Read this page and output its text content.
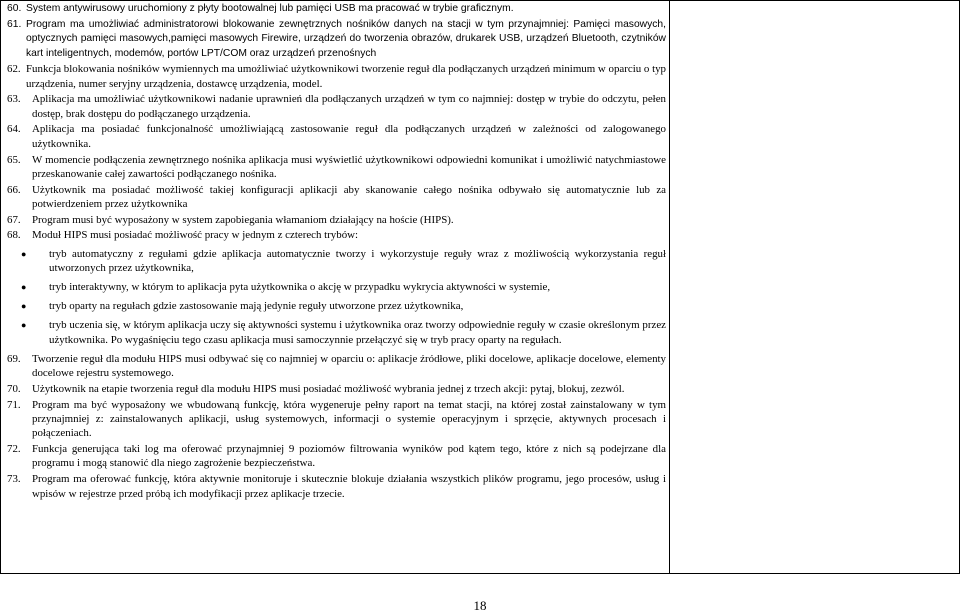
60. System antywirusowy uruchomiony z płyty bootowalnej lub pamięci USB ma pracować w trybie graficznym.
61. Program ma umożliwiać administratorowi blokowanie zewnętrznych nośników danych na stacji w tym przynajmniej: Pamięci masowych, optycznych pamięci masowych,pamięci masowych Firewire, urządzeń do tworzenia obrazów, drukarek USB, urządzeń Bluetooth, czytników kart inteligentnych, modemów, portów LPT/COM oraz urządzeń przenośnych
62. Funkcja blokowania nośników wymiennych ma umożliwiać użytkownikowi tworzenie reguł dla podłączanych urządzeń minimum w oparciu o typ urządzenia, numer seryjny urządzenia, dostawcę urządzenia, model.
63. Aplikacja ma umożliwiać użytkownikowi nadanie uprawnień dla podłączanych urządzeń w tym co najmniej: dostęp w trybie do odczytu, pełen dostęp, brak dostępu do podłączanego urządzenia.
64. Aplikacja ma posiadać funkcjonalność umożliwiającą zastosowanie reguł dla podłączanych urządzeń w zależności od zalogowanego użytkownika.
65. W momencie podłączenia zewnętrznego nośnika aplikacja musi wyświetlić użytkownikowi odpowiedni komunikat i umożliwić natychmiastowe przeskanowanie całej zawartości podłączanego nośnika.
66. Użytkownik ma posiadać możliwość takiej konfiguracji aplikacji aby skanowanie całego nośnika odbywało się automatycznie lub za potwierdzeniem przez użytkownika
67. Program musi być wyposażony w system zapobiegania włamaniom działający na hoście (HIPS).
68. Moduł HIPS musi posiadać możliwość pracy w jednym z czterech trybów:
● tryb automatyczny z regułami gdzie aplikacja automatycznie tworzy i wykorzystuje reguły wraz z możliwością wykorzystania reguł utworzonych przez użytkownika,
● tryb interaktywny, w którym to aplikacja pyta użytkownika o akcję w przypadku wykrycia aktywności w systemie,
● tryb oparty na regułach gdzie zastosowanie mają jedynie reguły utworzone przez użytkownika,
● tryb uczenia się, w którym aplikacja uczy się aktywności systemu i użytkownika oraz tworzy odpowiednie reguły w czasie określonym przez użytkownika. Po wygaśnięciu tego czasu aplikacja musi samoczynnie przełączyć się w tryb pracy oparty na regułach.
69. Tworzenie reguł dla modułu HIPS musi odbywać się co najmniej w oparciu o: aplikacje źródłowe, pliki docelowe, aplikacje docelowe, elementy docelowe rejestru systemowego.
70. Użytkownik na etapie tworzenia reguł dla modułu HIPS musi posiadać możliwość wybrania jednej z trzech akcji: pytaj, blokuj, zezwól.
71. Program ma być wyposażony we wbudowaną funkcję, która wygeneruje pełny raport na temat stacji, na której został zainstalowany w tym przynajmniej z: zainstalowanych aplikacji, usług systemowych, informacji o systemie operacyjnym i sprzęcie, aktywnych procesach i połączeniach.
72. Funkcja generująca taki log ma oferować przynajmniej 9 poziomów filtrowania wyników pod kątem tego, które z nich są podejrzane dla programu i mogą stanowić dla niego zagrożenie bezpieczeństwa.
73. Program ma oferować funkcję, która aktywnie monitoruje i skutecznie blokuje działania wszystkich plików programu, jego procesów, usług i wpisów w rejestrze przed próbą ich modyfikacji przez aplikacje trzecie.

18
